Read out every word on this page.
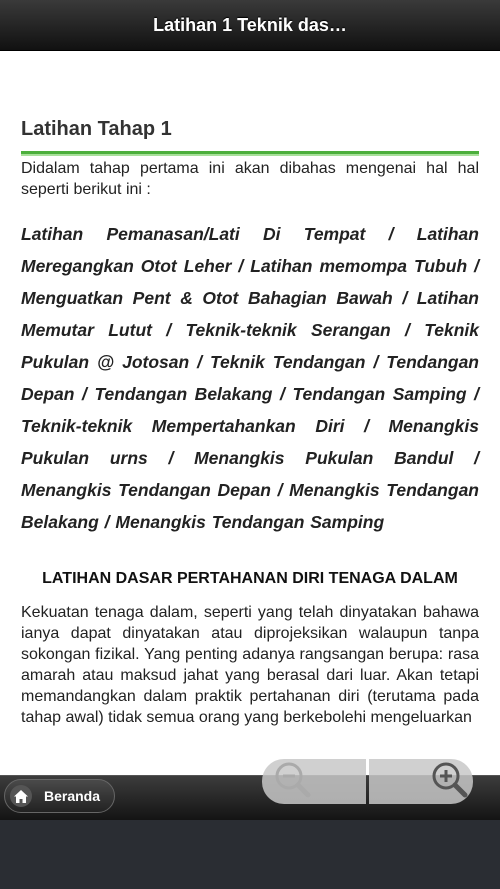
Latihan 1 Teknik das…
Latihan Tahap 1

Didalam tahap pertama ini akan dibahas mengenai hal hal seperti berikut ini :

Latihan Pemanasan/Lati Di Tempat / Latihan Meregangkan Otot Leher / Latihan memompa Tubuh / Menguatkan Pent & Otot Bahagian Bawah / Latihan Memutar Lutut / Teknik-teknik Serangan / Teknik Pukulan @ Jotosan / Teknik Tendangan / Tendangan Depan / Tendangan Belakang / Tendangan Samping / Teknik-teknik Mempertahankan Diri / Menangkis Pukulan urns / Menangkis Pukulan Bandul / Menangkis Tendangan Depan / Menangkis Tendangan Belakang / Menangkis Tendangan Samping

LATIHAN DASAR PERTAHANAN DIRI TENAGA DALAM

Kekuatan tenaga dalam, seperti yang telah dinyatakan bahawa ianya dapat dinyatakan atau diprojeksikan walaupun tanpa sokongan fizikal. Yang penting adanya rangsangan berupa: rasa amarah atau maksud jahat yang berasal dari luar. Akan tetapi memandangkan dalam praktik pertahanan diri (terutama pada tahap awal) tidak semua orang yang berkebolehi mengeluarkan

Beranda
